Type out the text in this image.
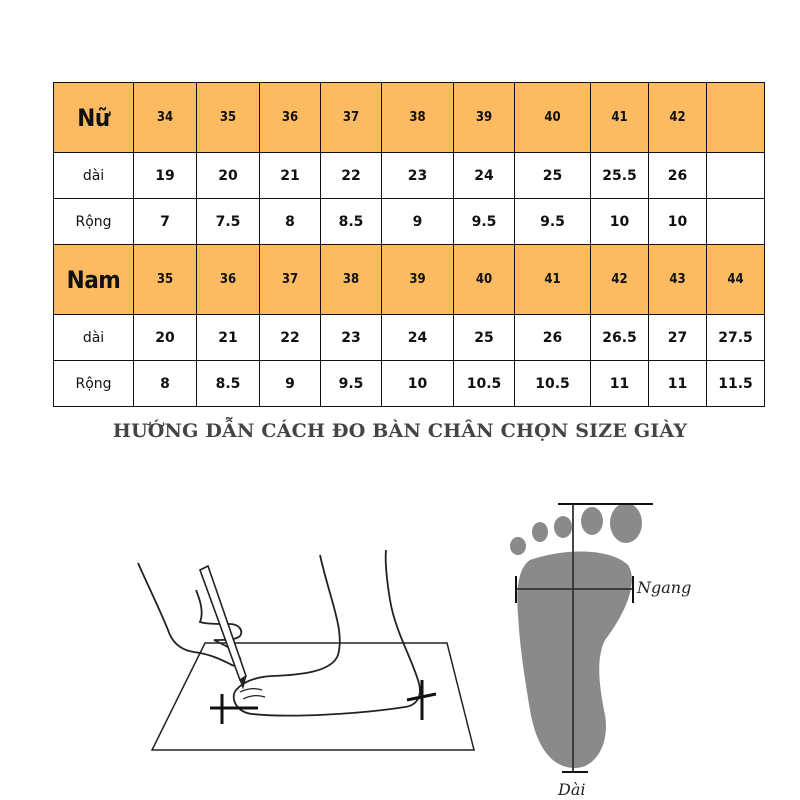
Nữ	34	35	36	37	38	39	40	41	42	
dài	19	20	21	22	23	24	25	25.5	26	
Rộng	7	7.5	8	8.5	9	9.5	9.5	10	10	
Nam	35	36	37	38	39	40	41	42	43	44
dài	20	21	22	23	24	25	26	26.5	27	27.5
Rộng	8	8.5	9	9.5	10	10.5	10.5	11	11	11.5
HƯỚNG DẪN CÁCH ĐO BÀN CHÂN CHỌN SIZE GIÀY
Ngang
Dài
